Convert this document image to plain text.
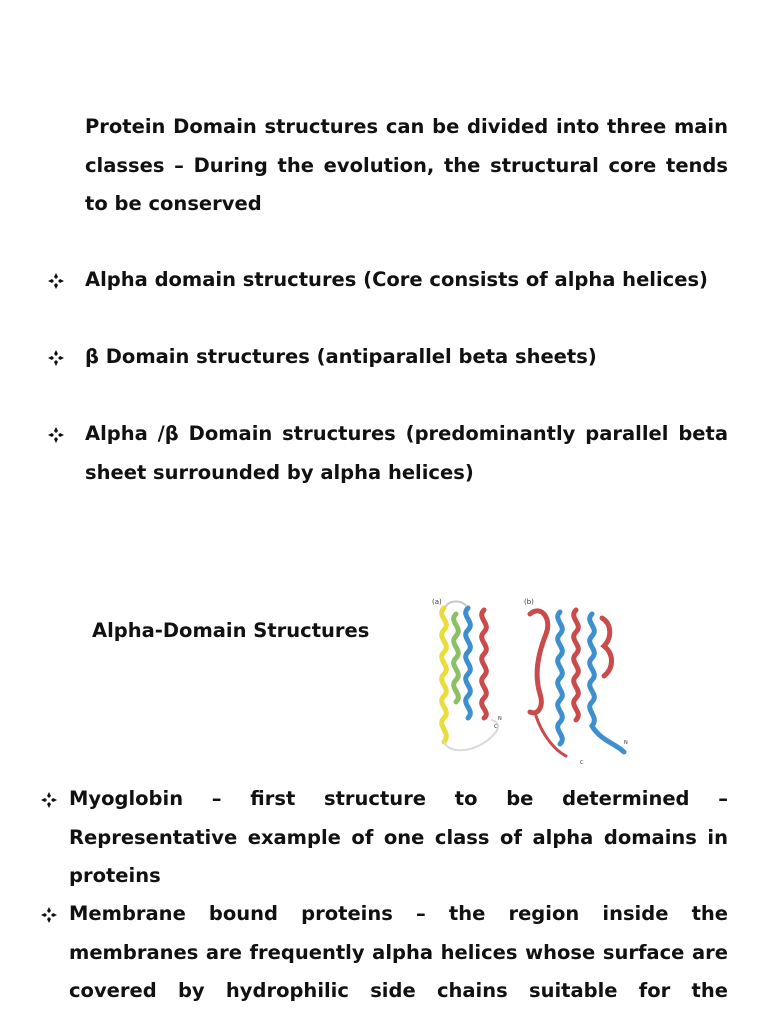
Protein Domain structures can be divided into three main classes – During the evolution, the structural core tends to be conserved

Alpha domain structures (Core consists of alpha helices)

β Domain structures (antiparallel beta sheets)

Alpha /β Domain structures (predominantly parallel beta sheet surrounded by alpha helices)

Alpha-Domain Structures

(a)	(b)
N
C
N
C

Myoglobin – first structure to be determined – Representative example of one class of alpha domains in proteins

Membrane bound proteins – the region inside the membranes are frequently alpha helices whose surface are covered by hydrophilic side chains suitable for the
